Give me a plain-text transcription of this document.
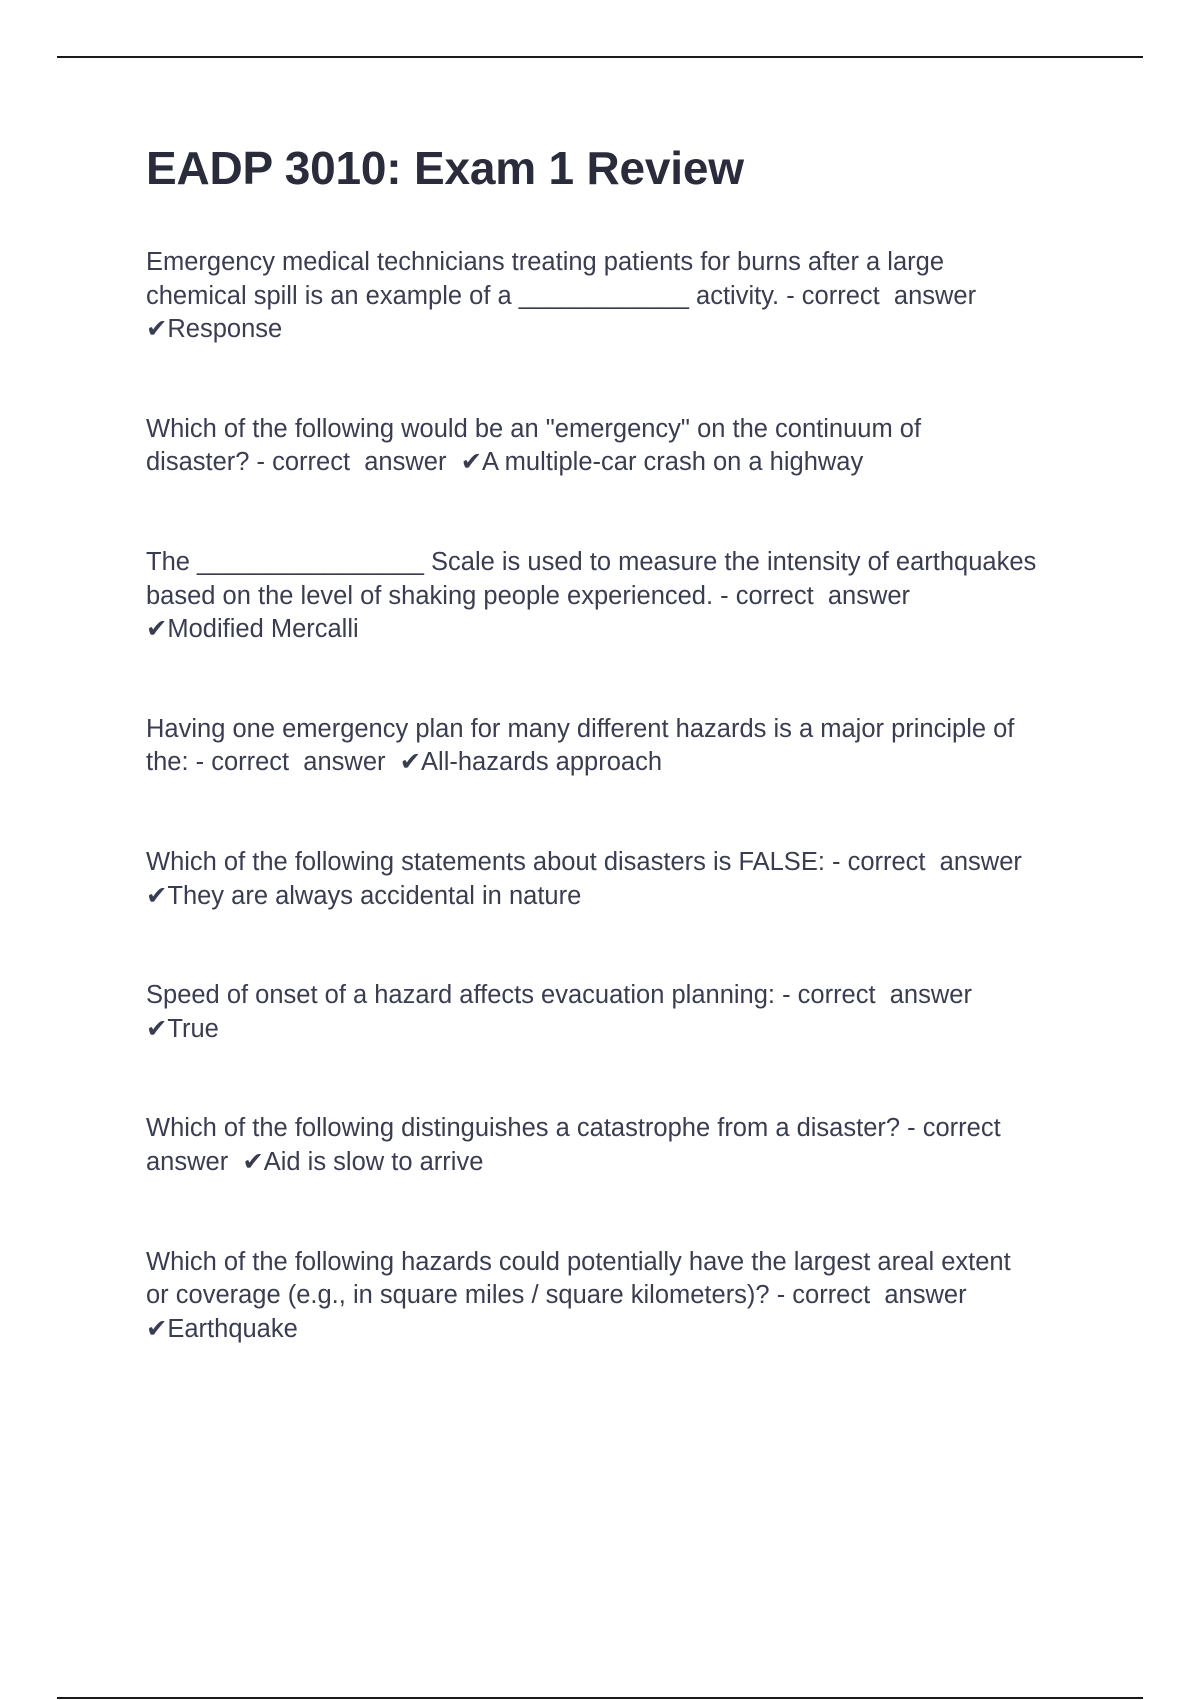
EADP 3010: Exam 1 Review

Emergency medical technicians treating patients for burns after a large
chemical spill is an example of a ____________ activity. - correct  answer
✔Response

Which of the following would be an "emergency" on the continuum of
disaster? - correct  answer  ✔A multiple-car crash on a highway

The ________________ Scale is used to measure the intensity of earthquakes
based on the level of shaking people experienced. - correct  answer
✔Modified Mercalli

Having one emergency plan for many different hazards is a major principle of
the: - correct  answer  ✔All-hazards approach

Which of the following statements about disasters is FALSE: - correct  answer
✔They are always accidental in nature

Speed of onset of a hazard affects evacuation planning: - correct  answer
✔True

Which of the following distinguishes a catastrophe from a disaster? - correct
answer  ✔Aid is slow to arrive

Which of the following hazards could potentially have the largest areal extent
or coverage (e.g., in square miles / square kilometers)? - correct  answer
✔Earthquake
